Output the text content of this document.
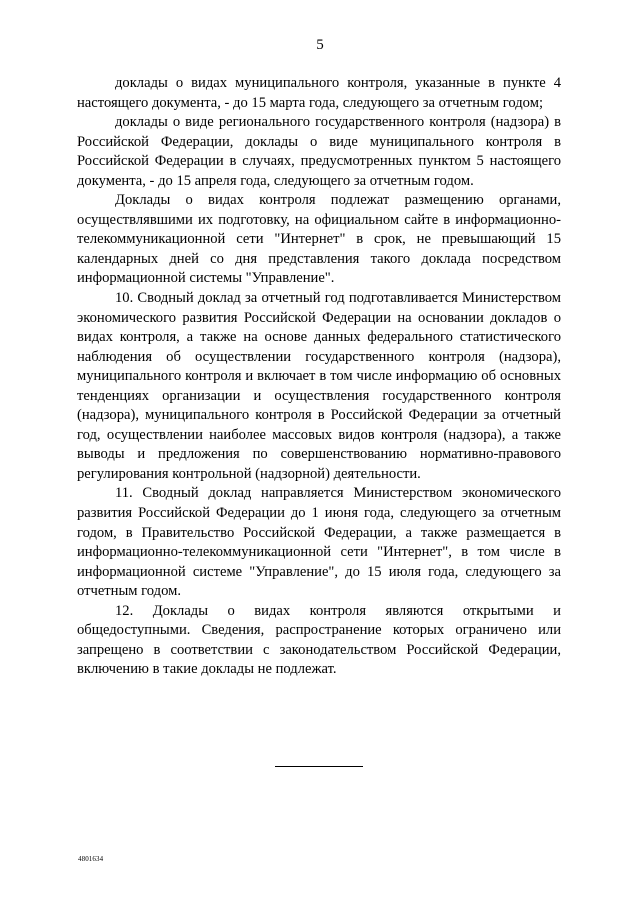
5

доклады о видах муниципального контроля, указанные в пункте 4 настоящего документа, - до 15 марта года, следующего за отчетным годом;

доклады о виде регионального государственного контроля (надзора) в Российской Федерации, доклады о виде муниципального контроля в Российской Федерации в случаях, предусмотренных пунктом 5 настоящего документа, - до 15 апреля года, следующего за отчетным годом.

Доклады о видах контроля подлежат размещению органами, осуществлявшими их подготовку, на официальном сайте в информационно-телекоммуникационной сети "Интернет" в срок, не превышающий 15 календарных дней со дня представления такого доклада посредством информационной системы "Управление".

10. Сводный доклад за отчетный год подготавливается Министерством экономического развития Российской Федерации на основании докладов о видах контроля, а также на основе данных федерального статистического наблюдения об осуществлении государственного контроля (надзора), муниципального контроля и включает в том числе информацию об основных тенденциях организации и осуществления государственного контроля (надзора), муниципального контроля в Российской Федерации за отчетный год, осуществлении наиболее массовых видов контроля (надзора), а также выводы и предложения по совершенствованию нормативно-правового регулирования контрольной (надзорной) деятельности.

11. Сводный доклад направляется Министерством экономического развития Российской Федерации до 1 июня года, следующего за отчетным годом, в Правительство Российской Федерации, а также размещается в информационно-телекоммуникационной сети "Интернет", в том числе в информационной системе "Управление", до 15 июля года, следующего за отчетным годом.

12. Доклады о видах контроля являются открытыми и общедоступными. Сведения, распространение которых ограничено или запрещено в соответствии с законодательством Российской Федерации, включению в такие доклады не подлежат.

4801634
